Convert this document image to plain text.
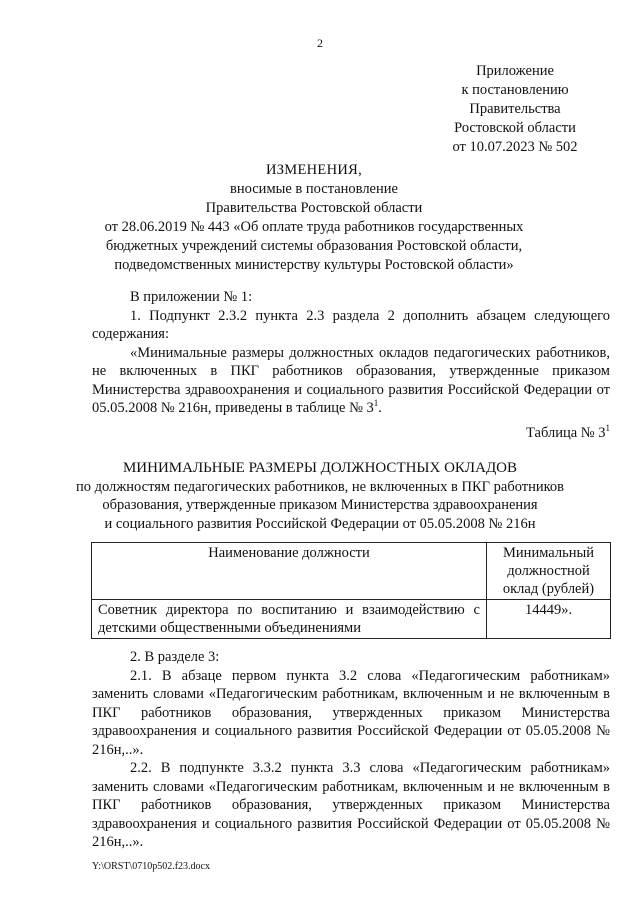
2
Приложение
к постановлению
Правительства
Ростовской области
от 10.07.2023 № 502
ИЗМЕНЕНИЯ,
вносимые в постановление
Правительства Ростовской области
от 28.06.2019 № 443 «Об оплате труда работников государственных
бюджетных учреждений системы образования Ростовской области,
подведомственных министерству культуры Ростовской области»

В приложении № 1:

1. Подпункт 2.3.2 пункта 2.3 раздела 2 дополнить абзацем следующего содержания:

«Минимальные размеры должностных окладов педагогических работников, не включенных в ПКГ работников образования, утвержденные приказом Министерства здравоохранения и социального развития Российской Федерации от 05.05.2008 № 216н, приведены в таблице № $3^1$.

Таблица № $3^1$
МИНИМАЛЬНЫЕ РАЗМЕРЫ ДОЛЖНОСТНЫХ ОКЛАДОВ
по должностям педагогических работников, не включенных в ПКГ работников
образования, утвержденные приказом Министерства здравоохранения
и социального развития Российской Федерации от 05.05.2008 № 216н
Наименование должности	Минимальный должностной оклад (рублей)
Советник директора по воспитанию и взаимодействию с детскими общественными объединениями	14449».

2. В разделе 3:

2.1. В абзаце первом пункта 3.2 слова «Педагогическим работникам» заменить словами «Педагогическим работникам, включенным и не включенным в ПКГ работников образования, утвержденных приказом Министерства здравоохранения и социального развития Российской Федерации от 05.05.2008 № 216н,..».

2.2. В подпункте 3.3.2 пункта 3.3 слова «Педагогическим работникам» заменить словами «Педагогическим работникам, включенным и не включенным в ПКГ работников образования, утвержденных приказом Министерства здравоохранения и социального развития Российской Федерации от 05.05.2008 № 216н,..».

Y:\ORST\0710p502.f23.docx
